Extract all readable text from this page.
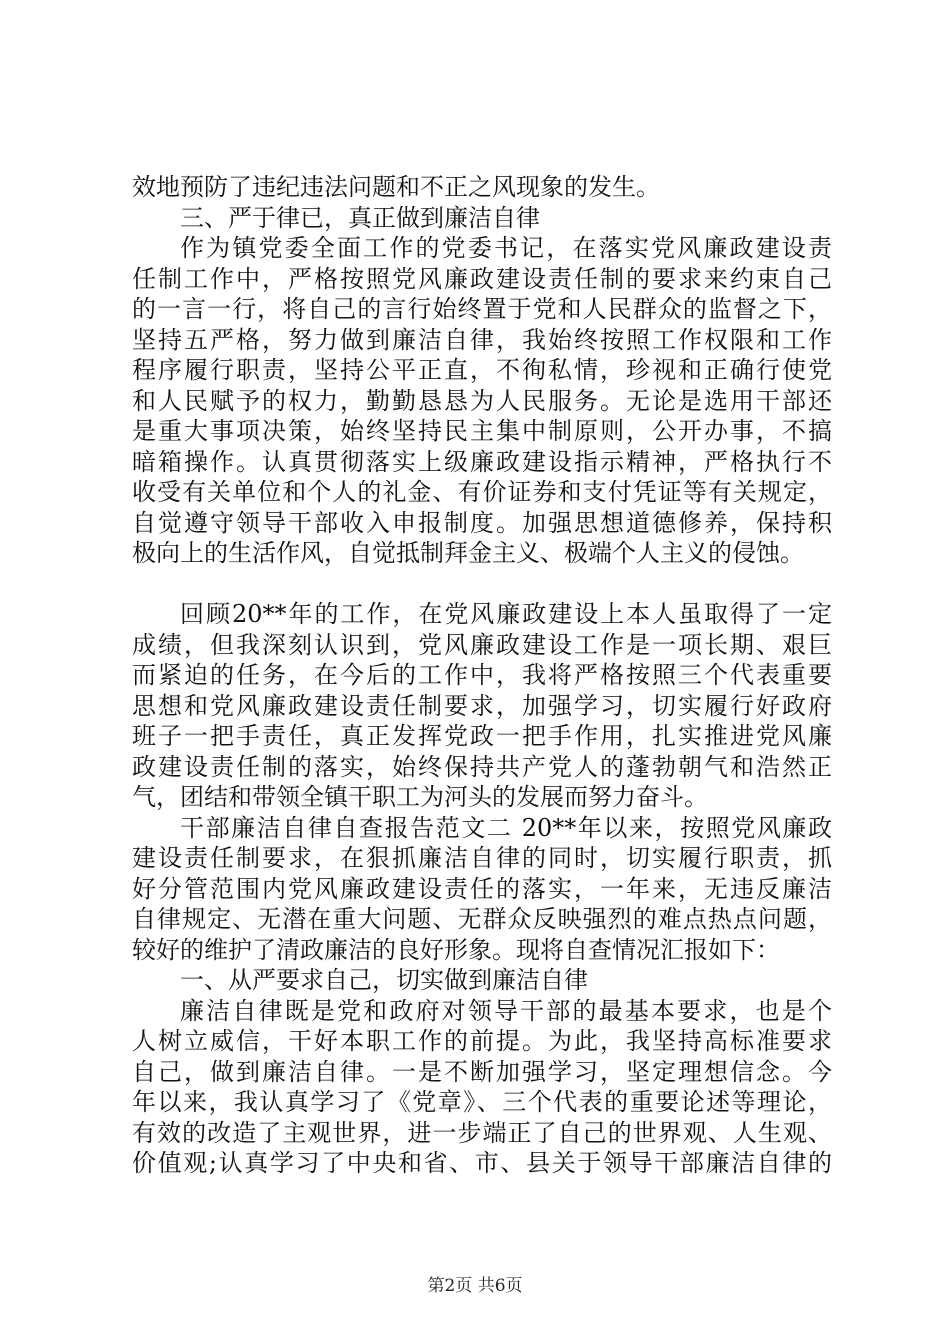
效地预防了违纪违法问题和不正之风现象的发生。
三、严于律已，真正做到廉洁自律
作为镇党委全面工作的党委书记，在落实党风廉政建设责
任制工作中，严格按照党风廉政建设责任制的要求来约束自己
的一言一行，将自己的言行始终置于党和人民群众的监督之下，
坚持五严格，努力做到廉洁自律，我始终按照工作权限和工作
程序履行职责，坚持公平正直，不徇私情，珍视和正确行使党
和人民赋予的权力，勤勤恳恳为人民服务。无论是选用干部还
是重大事项决策，始终坚持民主集中制原则，公开办事，不搞
暗箱操作。认真贯彻落实上级廉政建设指示精神，严格执行不
收受有关单位和个人的礼金、有价证券和支付凭证等有关规定，
自觉遵守领导干部收入申报制度。加强思想道德修养，保持积
极向上的生活作风，自觉抵制拜金主义、极端个人主义的侵蚀。
回顾20**年的工作，在党风廉政建设上本人虽取得了一定
成绩，但我深刻认识到，党风廉政建设工作是一项长期、艰巨
而紧迫的任务，在今后的工作中，我将严格按照三个代表重要
思想和党风廉政建设责任制要求，加强学习，切实履行好政府
班子一把手责任，真正发挥党政一把手作用，扎实推进党风廉
政建设责任制的落实，始终保持共产党人的蓬勃朝气和浩然正
气，团结和带领全镇干职工为河头的发展而努力奋斗。
干部廉洁自律自查报告范文二 20**年以来，按照党风廉政
建设责任制要求，在狠抓廉洁自律的同时，切实履行职责，抓
好分管范围内党风廉政建设责任的落实，一年来，无违反廉洁
自律规定、无潜在重大问题、无群众反映强烈的难点热点问题，
较好的维护了清政廉洁的良好形象。现将自查情况汇报如下：
一、从严要求自己，切实做到廉洁自律
廉洁自律既是党和政府对领导干部的最基本要求，也是个
人树立威信，干好本职工作的前提。为此，我坚持高标准要求
自己，做到廉洁自律。一是不断加强学习，坚定理想信念。今
年以来，我认真学习了《党章》、三个代表的重要论述等理论，
有效的改造了主观世界，进一步端正了自己的世界观、人生观、
价值观;认真学习了中央和省、市、县关于领导干部廉洁自律的
第2页 共6页
